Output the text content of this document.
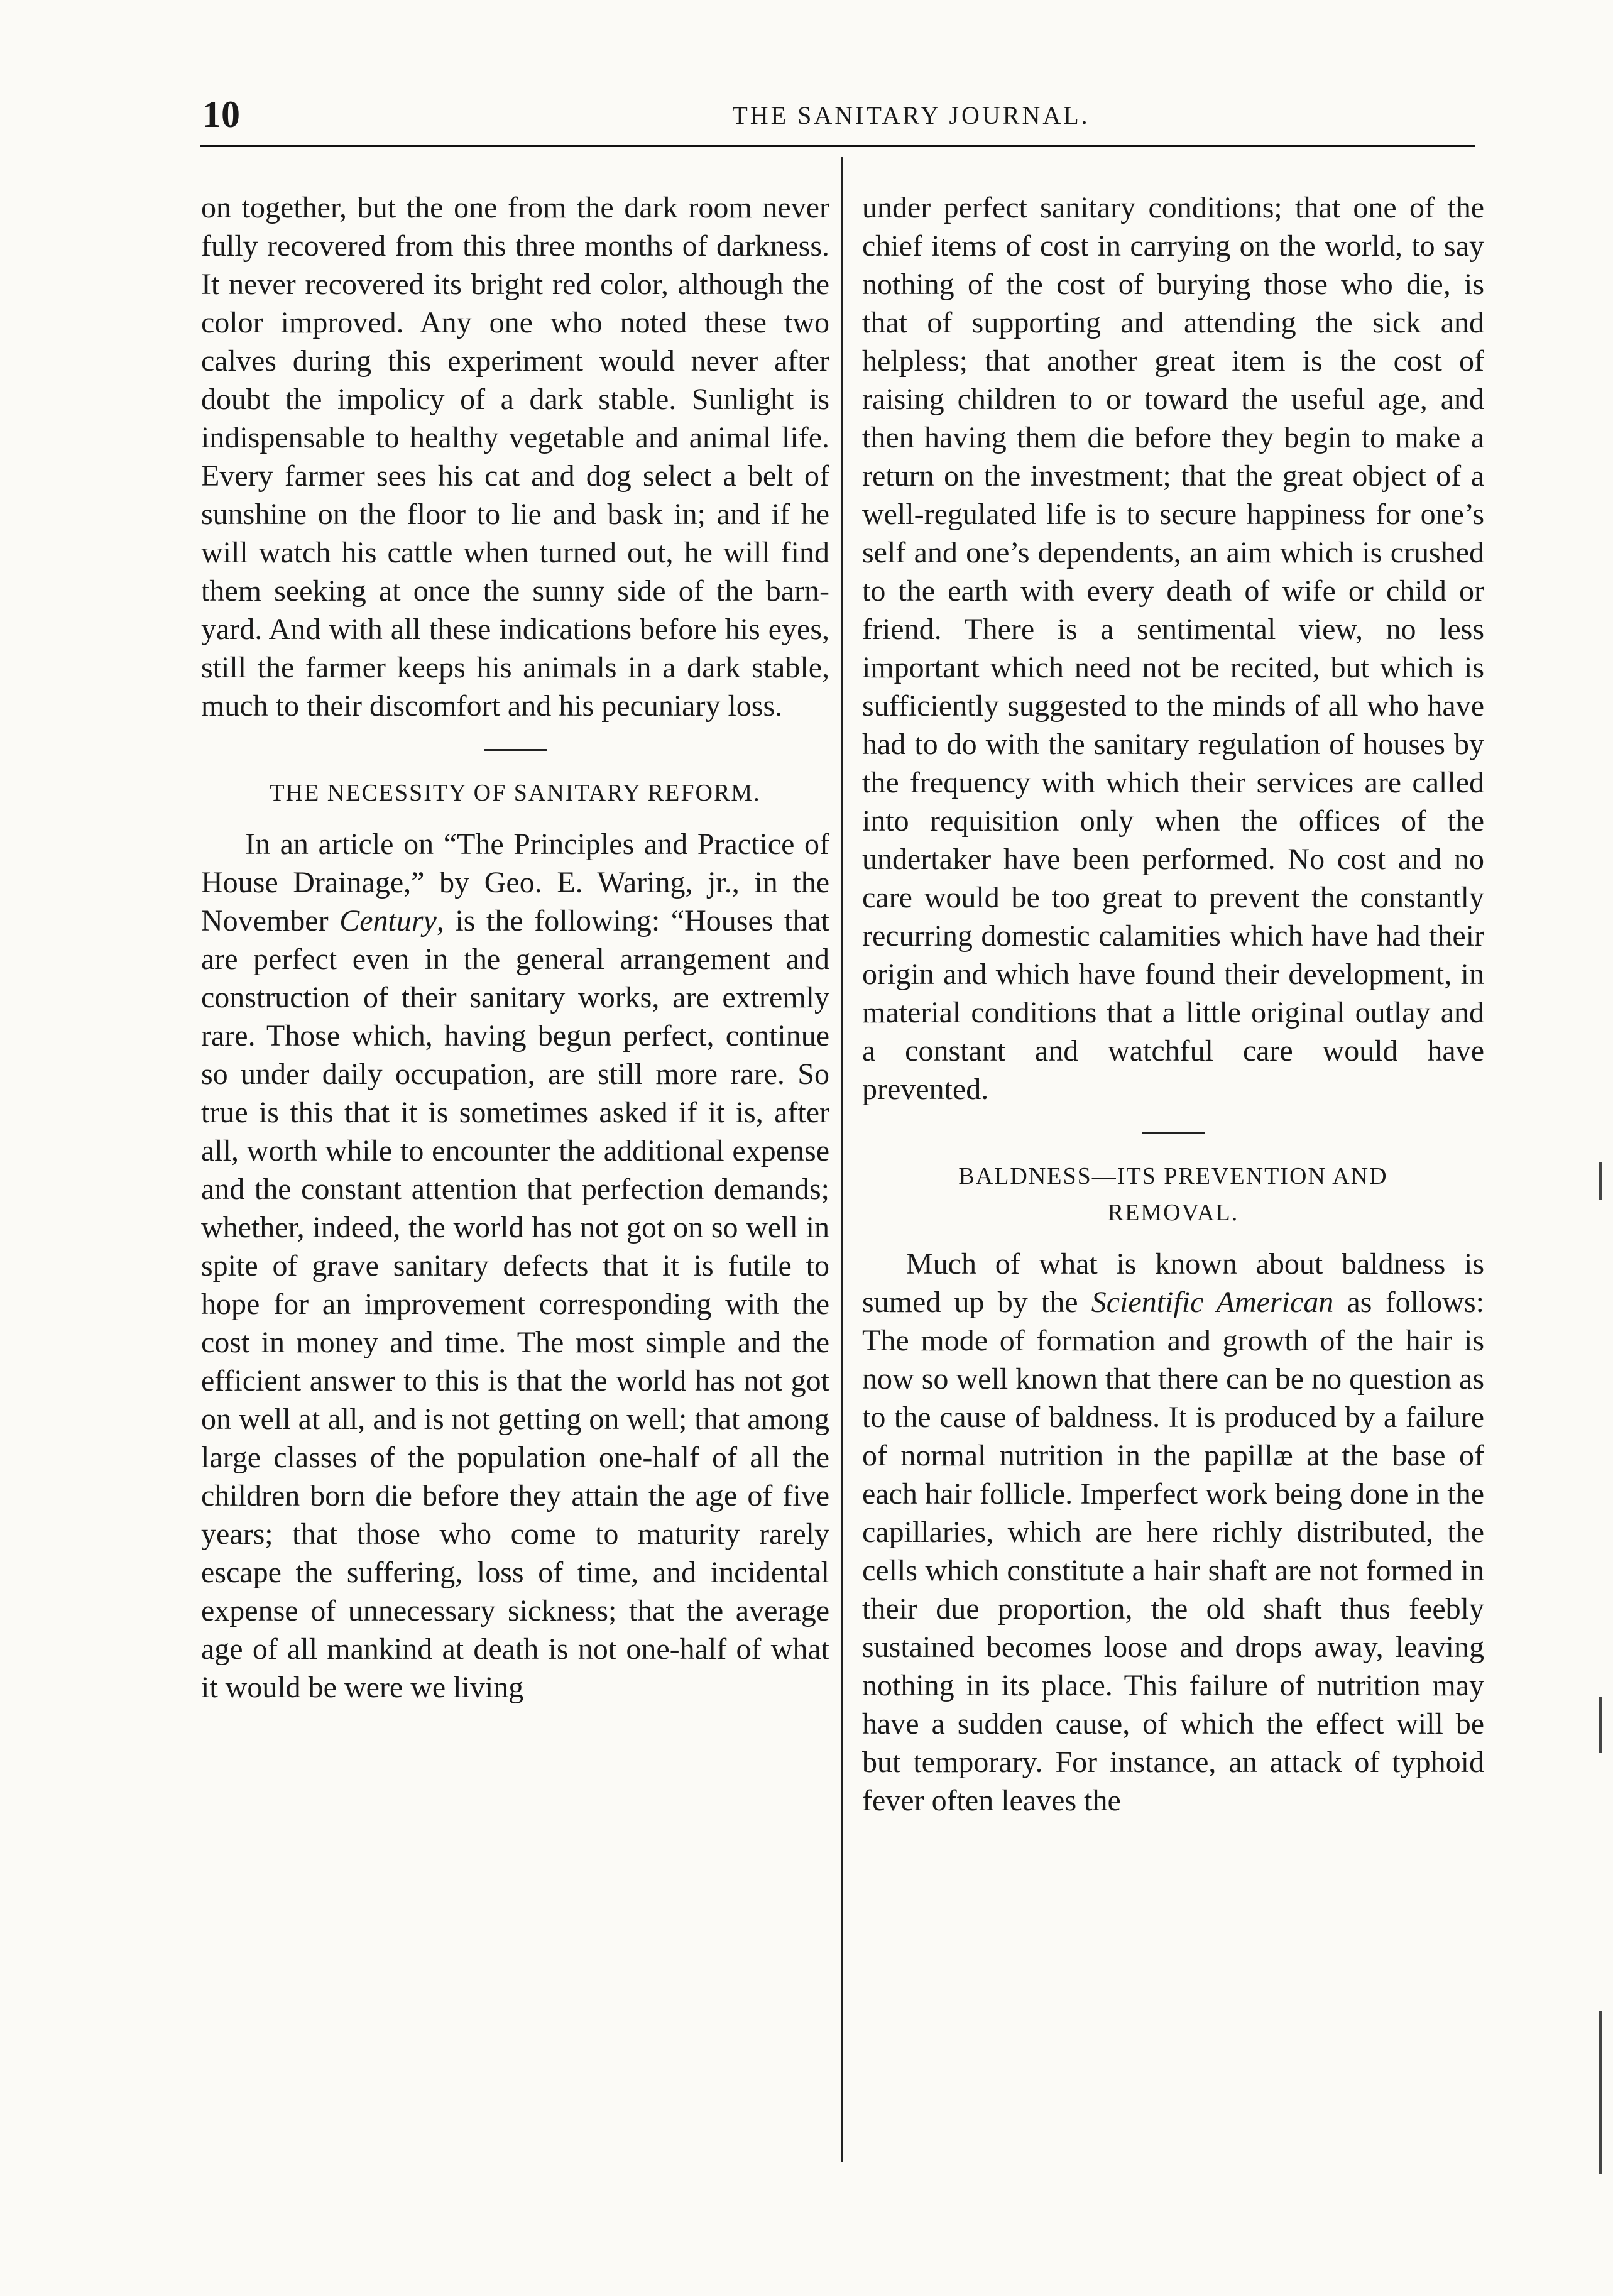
10	THE SANITARY JOURNAL.

on together, but the one from the dark room never fully recovered from this three months of darkness. It never recovered its bright red color, although the color improved. Any one who noted these two calves during this experiment would never after doubt the impolicy of a dark stable. Sunlight is indispensable to healthy vegetable and animal life. Every farmer sees his cat and dog select a belt of sunshine on the floor to lie and bask in; and if he will watch his cattle when turned out, he will find them seeking at once the sunny side of the barn-yard. And with all these indications before his eyes, still the farmer keeps his animals in a dark stable, much to their discomfort and his pecuniary loss.

THE NECESSITY OF SANITARY REFORM.

In an article on “The Principles and Practice of House Drainage,” by Geo. E. Waring, jr., in the November Century, is the following: “Houses that are perfect even in the general arrangement and construction of their sanitary works, are extremly rare. Those which, having begun perfect, continue so under daily occupation, are still more rare. So true is this that it is sometimes asked if it is, after all, worth while to encounter the additional expense and the constant attention that perfection demands; whether, indeed, the world has not got on so well in spite of grave sanitary defects that it is futile to hope for an improvement corresponding with the cost in money and time. The most simple and the efficient answer to this is that the world has not got on well at all, and is not getting on well; that among large classes of the population one-half of all the children born die before they attain the age of five years; that those who come to maturity rarely escape the suffering, loss of time, and incidental expense of unnecessary sickness; that the average age of all mankind at death is not one-half of what it would be were we living

under perfect sanitary conditions; that one of the chief items of cost in carrying on the world, to say nothing of the cost of burying those who die, is that of supporting and attending the sick and helpless; that another great item is the cost of raising children to or toward the useful age, and then having them die before they begin to make a return on the investment; that the great object of a well-regulated life is to secure happiness for one’s self and one’s dependents, an aim which is crushed to the earth with every death of wife or child or friend. There is a sentimental view, no less important which need not be recited, but which is sufficiently suggested to the minds of all who have had to do with the sanitary regulation of houses by the frequency with which their services are called into requisition only when the offices of the undertaker have been performed. No cost and no care would be too great to prevent the constantly recurring domestic calamities which have had their origin and which have found their development, in material conditions that a little original outlay and a constant and watchful care would have prevented.

BALDNESS—ITS PREVENTION AND
REMOVAL.

Much of what is known about baldness is sumed up by the Scientific American as follows: The mode of formation and growth of the hair is now so well known that there can be no question as to the cause of baldness. It is produced by a failure of normal nutrition in the papillæ at the base of each hair follicle. Imperfect work being done in the capillaries, which are here richly distributed, the cells which constitute a hair shaft are not formed in their due proportion, the old shaft thus feebly sustained becomes loose and drops away, leaving nothing in its place. This failure of nutrition may have a sudden cause, of which the effect will be but temporary. For instance, an attack of typhoid fever often leaves the
